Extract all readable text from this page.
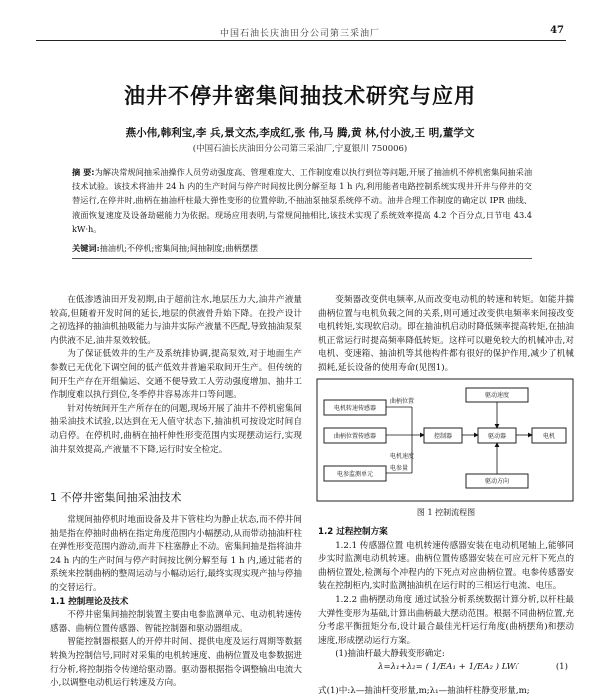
中国石油长庆油田分公司第三采油厂	47
油井不停井密集间抽技术研究与应用
燕小伟,韩利宝,李 兵,景文杰,李成红,张 伟,马 腾,黄 林,付小波,王 明,董学文
(中国石油长庆油田分公司第三采油厂,宁夏银川 750006)
摘 要:为解决常规间抽采油操作人员劳动强度高、管理难度大、工作制度难以执行到位等问题,开展了抽油机不停机密集间抽采油技术试验。该技术将油井 24 h 内的生产时间与停产时间按比例分解至每 1 h 内,利用能者电路控制系统实现井开井与停井的交替运行,在停井时,曲柄在抽油杆柱最大弹性变形的位置停助,不抽油泵抽泵系统停不动。油井合理工作制度的确定以 IPR 曲线、液面恢复速度及设备劫磁能力为依据。现场应用表明,与常规间抽相比,该技术实现了系统效率提高 4.2 个百分点,日节电 43.4 kW·h。
关键词:抽油机;不停机;密集间抽;间抽制度;曲柄摆摆

在低渗透油田开发初期,由于超前注水,地层压力大,油井产液量较高,但随着开发时间的延长,地层的供液骨升始下降。在投产设计之初选择的抽油机抽吸能力与油井实际产液量不匹配,导致抽油泵泵内供液不足,油井泵效较低。

为了保证低效井的生产及系统排协调,提高泵效,对于地面生产参数已无优化下调空间的低产低效井普遍采取间开生产。但传统的间开生产存在开组偏运、交通不便导致工人劳动强度增加、抽井工作制度难以执行到位,冬季停井容易冻井口等问题。

针对传统间开生产所存在的问题,现场开展了油井不停机密集间抽采油技术试验,以达到在无人值守状态下,抽油机可按设定时间自动启停。在停机时,曲柄在抽杆伸性形变范围内实现摆动运行,实现油井泵效提高,产液量不下降,运行时安全检定。

1 不停井密集间抽采油技术

常规间抽停机时地面设备及井下管柱均为静止状态,而不停井间抽是指在停抽时曲柄在指定角度范围内小幅摆动,从而带动抽油杆柱在弹性形变范围内游动,而井下柱塞静止不动。密集间抽是指将油井 24 h 内的生产时间与停产时间按比例分解至每 1 h 内,通过能者的系统来控制曲柄的整周运动与小幅动运行,最终实现实现产抽与停抽的交替运行。

1.1 控制理论及技术

不停井密集间抽控制装置主要由电参监测单元、电动机转速传感器、曲柄位置传感器、智能控制器和驱动器组成。

智能控制器根据人的开停井时间、提供电度及运行周期等数据转换为控制信号,同时对采集的电机转速度、曲柄位置及电参数据进行分析,将控制指令传递给驱动器。驱动器根据指令调整输出电流大小,以调整电动机运行转速及方向。

变频器改变供电频率,从而改变电动机的转速和转矩。如能并揣曲柄位置与电机负载之间的关系,则可通过改变供电频率来间接改变电机转矩,实现软启动。即在抽油机启动时降低频率提高转矩,在抽油机正常运行时提高频率降低转矩。这样可以避免较大的机械冲击,对电机、变速箱、抽油机等其他构件都有很好的保护作用,减少了机械损耗,延长设备的使用寿命(见图1)。

电机转速传感器
曲柄位置传感器
电参监测单元
控制器	驱动器	电机
驱动速度
驱动方向
曲柄位置
电机速度
电参量
图 1 控制流程图

1.2 过程控制方案

1.2.1 传感器位置 电机转速传感器安装在电动机尾轴上,能够同步实时监测电动机转速。曲柄位置传感器安装在可应元杆下死点的曲柄位置处,检测每个冲程内的下死点对应曲柄位置。电参传感器安装在控制柜内,实时监测抽油机在运行时的三相运行电流、电压。

1.2.2 曲柄摆动角度 通过试验分析系统数据计算分析,以杆柱最大弹性变形为基础,计算出曲柄最大摆动范围。根据不同曲柄位置,充分考虑平衡扭矩分布,设计最合最佳光杆运行角度(曲柄摆角)和摆动速度,形成摆动运行方案。

(1)抽油杆最大静载变形确定:

λ=λ₁+λ₂= ( 1/EA₁ + 1/EA₂ ) LWᵢ′	(1)
式(1)中:λ—抽油杆变形量,m;λ₁—抽油杆柱静变形量,m;
